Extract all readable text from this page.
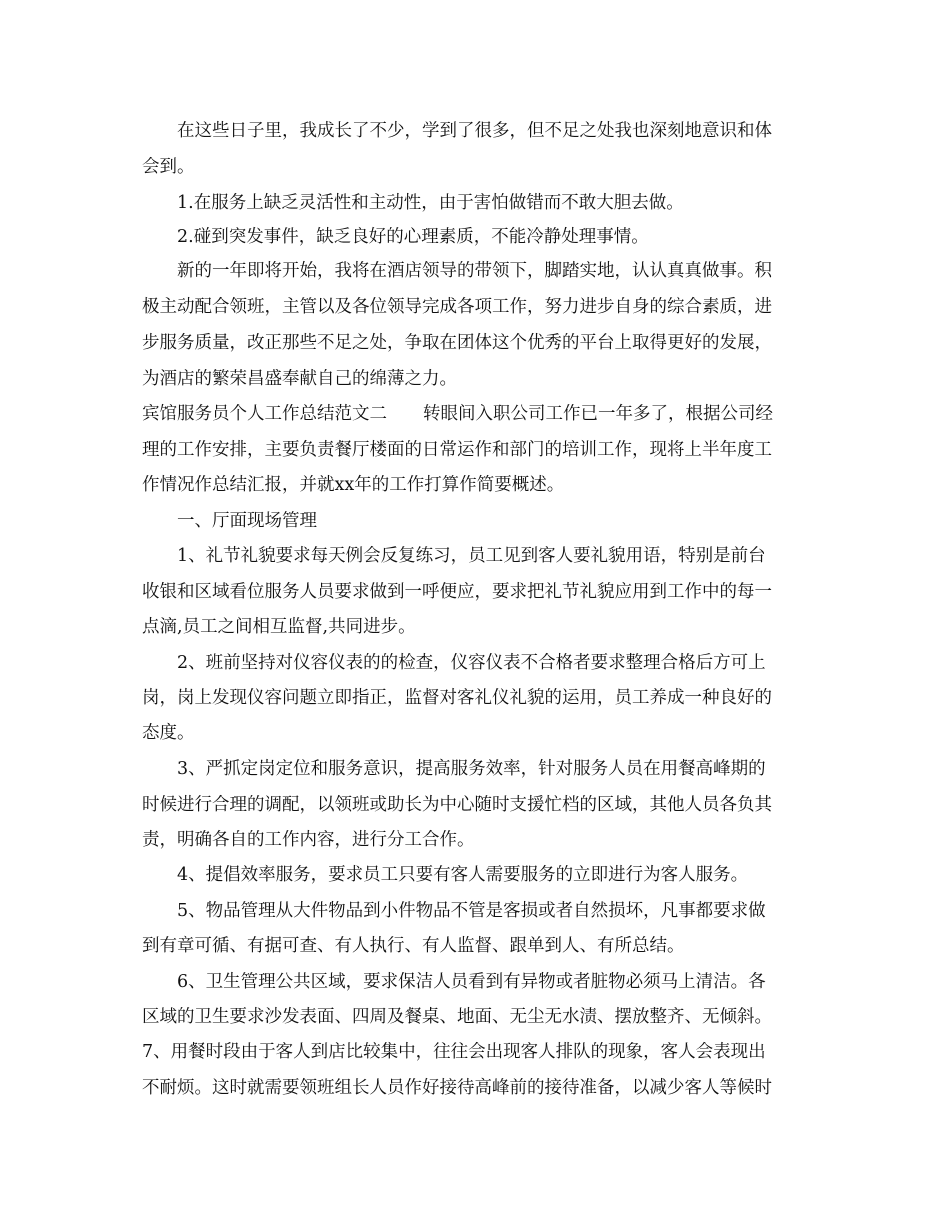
在这些日子里，我成长了不少，学到了很多，但不足之处我也深刻地意识和体
会到。
1.在服务上缺乏灵活性和主动性，由于害怕做错而不敢大胆去做。
2.碰到突发事件，缺乏良好的心理素质，不能冷静处理事情。
新的一年即将开始，我将在酒店领导的带领下，脚踏实地，认认真真做事。积
极主动配合领班，主管以及各位领导完成各项工作，努力进步自身的综合素质，进
步服务质量，改正那些不足之处，争取在团体这个优秀的平台上取得更好的发展，
为酒店的繁荣昌盛奉献自己的绵薄之力。
宾馆服务员个人工作总结范文二 转眼间入职公司工作已一年多了，根据公司经
理的工作安排，主要负责餐厅楼面的日常运作和部门的培训工作，现将上半年度工
作情况作总结汇报，并就xx年的工作打算作简要概述。
一、厅面现场管理
1、礼节礼貌要求每天例会反复练习，员工见到客人要礼貌用语，特别是前台
收银和区域看位服务人员要求做到一呼便应，要求把礼节礼貌应用到工作中的每一
点滴,员工之间相互监督,共同进步。
2、班前坚持对仪容仪表的的检查，仪容仪表不合格者要求整理合格后方可上
岗，岗上发现仪容问题立即指正，监督对客礼仪礼貌的运用，员工养成一种良好的
态度。
3、严抓定岗定位和服务意识，提高服务效率，针对服务人员在用餐高峰期的
时候进行合理的调配，以领班或助长为中心随时支援忙档的区域，其他人员各负其
责，明确各自的工作内容，进行分工合作。
4、提倡效率服务，要求员工只要有客人需要服务的立即进行为客人服务。
5、物品管理从大件物品到小件物品不管是客损或者自然损坏，凡事都要求做
到有章可循、有据可查、有人执行、有人监督、跟单到人、有所总结。
6、卫生管理公共区域，要求保洁人员看到有异物或者脏物必须马上清洁。各
区域的卫生要求沙发表面、四周及餐桌、地面、无尘无水渍、摆放整齐、无倾斜。
7、用餐时段由于客人到店比较集中，往往会出现客人排队的现象，客人会表现出
不耐烦。这时就需要领班组长人员作好接待高峰前的接待准备，以减少客人等候时
